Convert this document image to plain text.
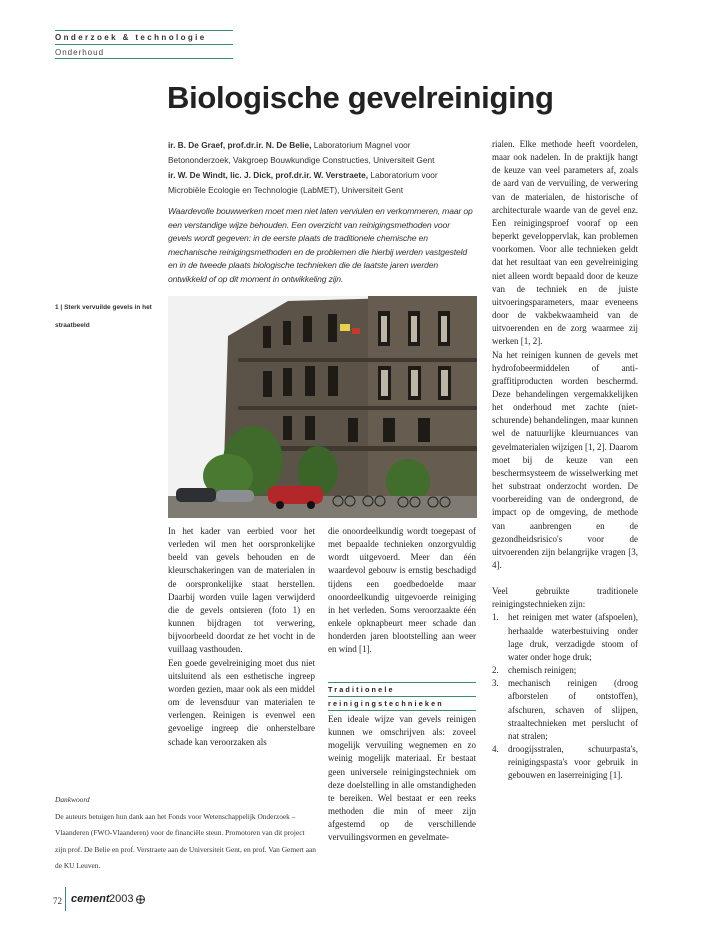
Onderzoek & technologie
Onderhoud
Biologische gevelreiniging
ir. B. De Graef, prof.dr.ir. N. De Belie, Laboratorium Magnel voor Betononderzoek, Vakgroep Bouwkundige Constructies, Universiteit Gent
ir. W. De Windt, lic. J. Dick, prof.dr.ir. W. Verstraete, Laboratorium voor Microbiële Ecologie en Technologie (LabMET), Universiteit Gent
Waardevolle bouwwerken moet men niet laten verviulen en verkommeren, maar op een verstandige wijze behouden. Een overzicht van reinigingsmethoden voor gevels wordt gegeven: in de eerste plaats de traditionele chemische en mechanische reinigingsmethoden en de problemen die hierbij werden vastgesteld en in de tweede plaats biologische technieken die de laatste jaren werden ontwikkeld of op dit moment in ontwikkeling zijn.
1 | Sterk vervuilde gevels in het straatbeeld

In het kader van eerbied voor het verleden wil men het oorspronkelijke beeld van gevels behouden en de kleurschakeringen van de materialen in de oorspronkelijke staat herstellen. Daarbij worden vuile lagen verwijderd die de gevels ontsieren (foto 1) en kunnen bijdragen tot verwering, bijvoorbeeld doordat ze het vocht in de vuillaag vasthouden.

Een goede gevelreiniging moet dus niet uitsluitend als een esthetische ingreep worden gezien, maar ook als een middel om de levensduur van materialen te verlengen. Reinigen is evenwel een gevoelige ingreep die onherstelbare schade kan veroorzaken als

die onoordeelkundig wordt toegepast of met bepaalde technieken onzorgvuldig wordt uitgevoerd. Meer dan één waardevol gebouw is ernstig beschadigd tijdens een goedbedoelde maar onoordeelkundig uitgevoerde reiniging in het verleden. Soms veroorzaakte één enkele opknapbeurt meer schade dan honderden jaren blootstelling aan weer en wind [1].

Traditionele
reinigingstechnieken

Een ideale wijze van gevels reinigen kunnen we omschrijven als: zoveel mogelijk vervuiling wegnemen en zo weinig mogelijk materiaal. Er bestaat geen universele reinigingstechniek om deze doelstelling in alle omstandigheden te bereiken. Wel bestaat er een reeks methoden die min of meer zijn afgestemd op de verschillende vervuilingsvormen en gevelmate-

rialen. Elke methode heeft voordelen, maar ook nadelen. In de praktijk hangt de keuze van veel parameters af, zoals de aard van de vervuiling, de verwering van de materialen, de historische of architecturale waarde van de gevel enz. Een reinigingsproef vooraf op een beperkt geveloppervlak, kan problemen voorkomen. Voor alle technieken geldt dat het resultaat van een gevelreiniging niet alleen wordt bepaald door de keuze van de techniek en de juiste uitvoeringsparameters, maar eveneens door de vakbekwaamheid van de uitvoerenden en de zorg waarmee zij werken [1, 2].

Na het reinigen kunnen de gevels met hydrofobeermiddelen of anti-graffitiproducten worden beschermd. Deze behandelingen vergemakkelijken het onderhoud met zachte (niet-schurende) behandelingen, maar kunnen wel de natuurlijke kleurnuances van gevelmaterialen wijzigen [1, 2]. Daarom moet bij de keuze van een beschermsysteem de wisselwerking met het substraat onderzocht worden. De voorbereiding van de ondergrond, de impact op de omgeving, de methode van aanbrengen en de gezondheidsrisico's voor de uitvoerenden zijn belangrijke vragen [3, 4].

Veel gebruikte traditionele reinigingstechnieken zijn:

1. het reinigen met water (afspoelen), herhaalde waterbestuiving onder lage druk, verzadigde stoom of water onder hoge druk;
2. chemisch reinigen;
3. mechanisch reinigen (droog afborstelen of ontstoffen), afschuren, schaven of slijpen, straaltechnieken met perslucht of nat stralen;
4. droogijsstralen, schuurpasta's, reinigingspasta's voor gebruik in gebouwen en laserreiniging [1].
Dankwoord
De auteurs betuigen hun dank aan het Fonds voor Wetenschappelijk Onderzoek – Vlaanderen (FWO-Vlaanderen) voor de financiële steun. Promotoren van dit project zijn prof. De Belie en prof. Verstraete aan de Universiteit Gent, en prof. Van Gemert aan de KU Leuven.
72 cement 2003
